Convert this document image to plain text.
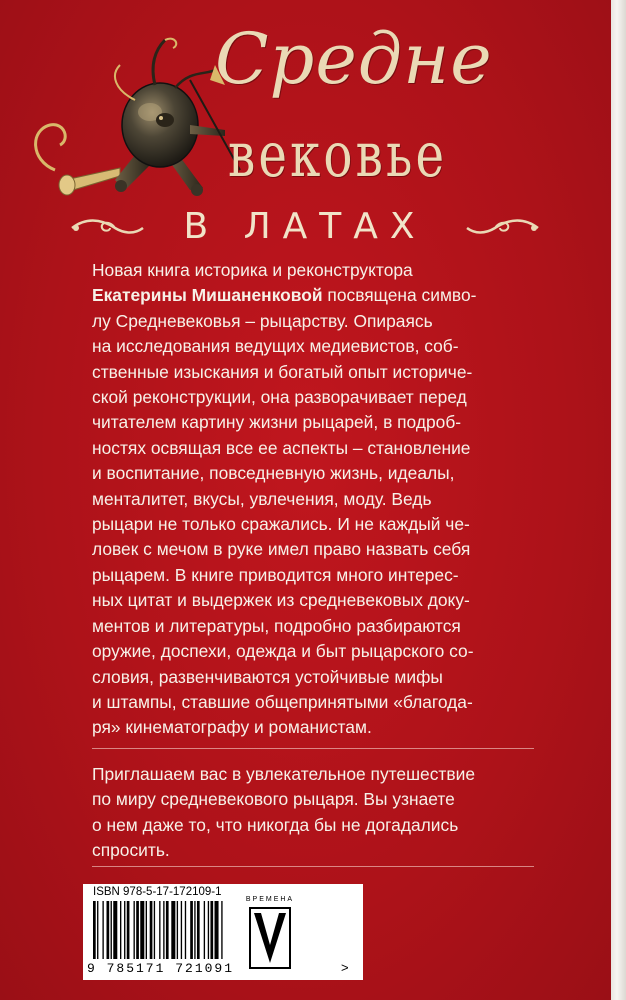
Средне
вековье
В ЛАТАХ
Новая книга историка и реконструктора
Екатерины Мишаненковой посвящена симво-
лу Средневековья – рыцарству. Опираясь
на исследования ведущих медиевистов, соб-
ственные изыскания и богатый опыт историче-
ской реконструкции, она разворачивает перед
читателем картину жизни рыцарей, в подроб-
ностях освящая все ее аспекты – становление
и воспитание, повседневную жизнь, идеалы,
менталитет, вкусы, увлечения, моду. Ведь
рыцари не только сражались. И не каждый че-
ловек с мечом в руке имел право назвать себя
рыцарем. В книге приводится много интерес-
ных цитат и выдержек из средневековых доку-
ментов и литературы, подробно разбираются
оружие, доспехи, одежда и быт рыцарского со-
словия, развенчиваются устойчивые мифы
и штампы, ставшие общепринятыми «благода-
ря» кинематографу и романистам.
Приглашаем вас в увлекательное путешествие
по миру средневекового рыцаря. Вы узнаете
о нем даже то, что никогда бы не догадались
спросить.
ISBN 978-5-17-172109-1
9 785171 721091	>
ВРЕМЕНА
